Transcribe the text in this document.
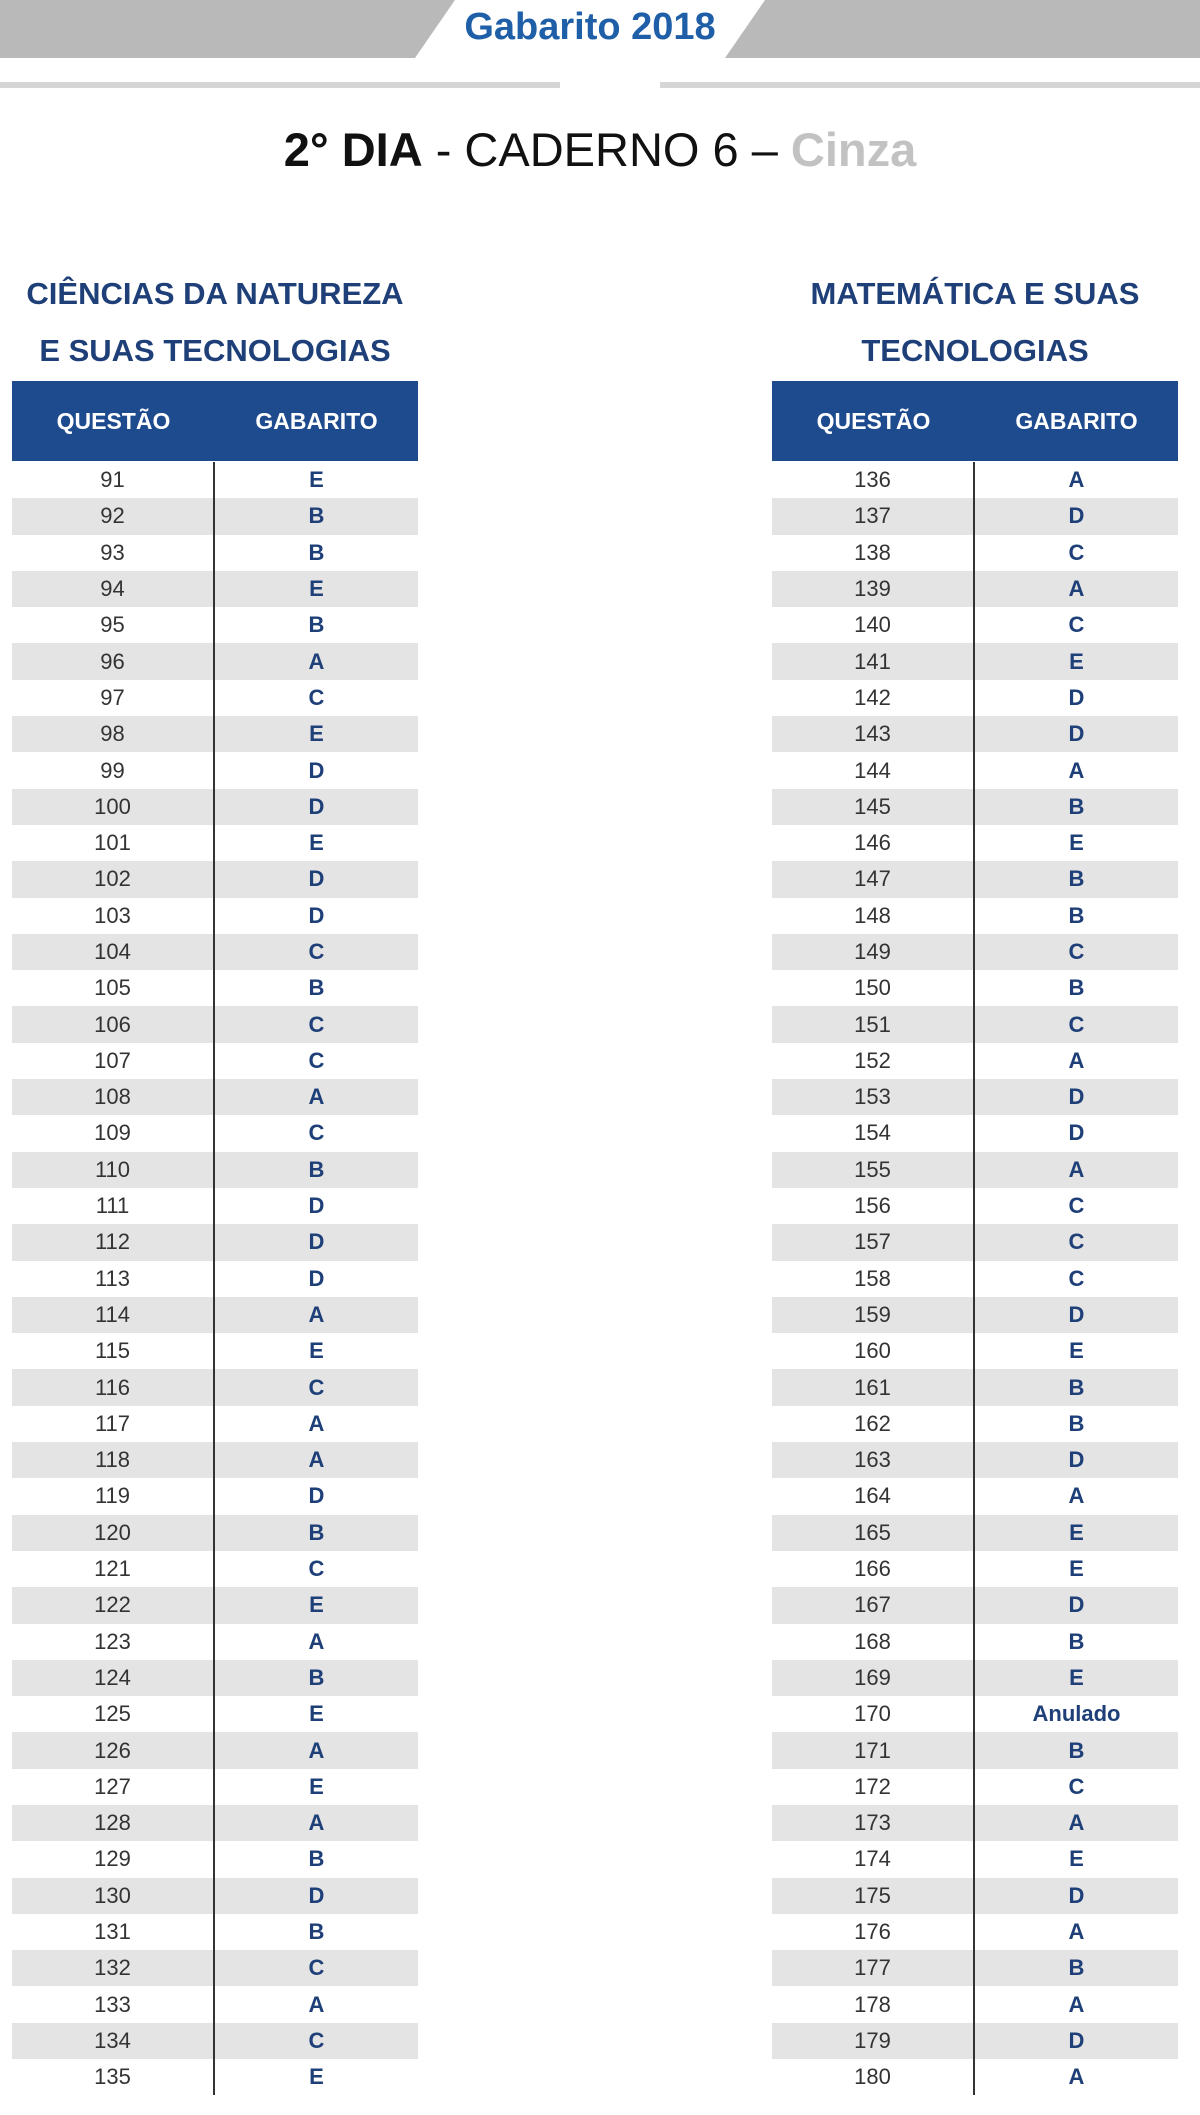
Gabarito 2018
2° DIA - CADERNO 6 – Cinza
CIÊNCIAS DA NATUREZA
E SUAS TECNOLOGIAS
QUESTÃO	GABARITO
91	E
92	B
93	B
94	E
95	B
96	A
97	C
98	E
99	D
100	D
101	E
102	D
103	D
104	C
105	B
106	C
107	C
108	A
109	C
110	B
111	D
112	D
113	D
114	A
115	E
116	C
117	A
118	A
119	D
120	B
121	C
122	E
123	A
124	B
125	E
126	A
127	E
128	A
129	B
130	D
131	B
132	C
133	A
134	C
135	E
MATEMÁTICA E SUAS
TECNOLOGIAS
QUESTÃO	GABARITO
136	A
137	D
138	C
139	A
140	C
141	E
142	D
143	D
144	A
145	B
146	E
147	B
148	B
149	C
150	B
151	C
152	A
153	D
154	D
155	A
156	C
157	C
158	C
159	D
160	E
161	B
162	B
163	D
164	A
165	E
166	E
167	D
168	B
169	E
170	Anulado
171	B
172	C
173	A
174	E
175	D
176	A
177	B
178	A
179	D
180	A
